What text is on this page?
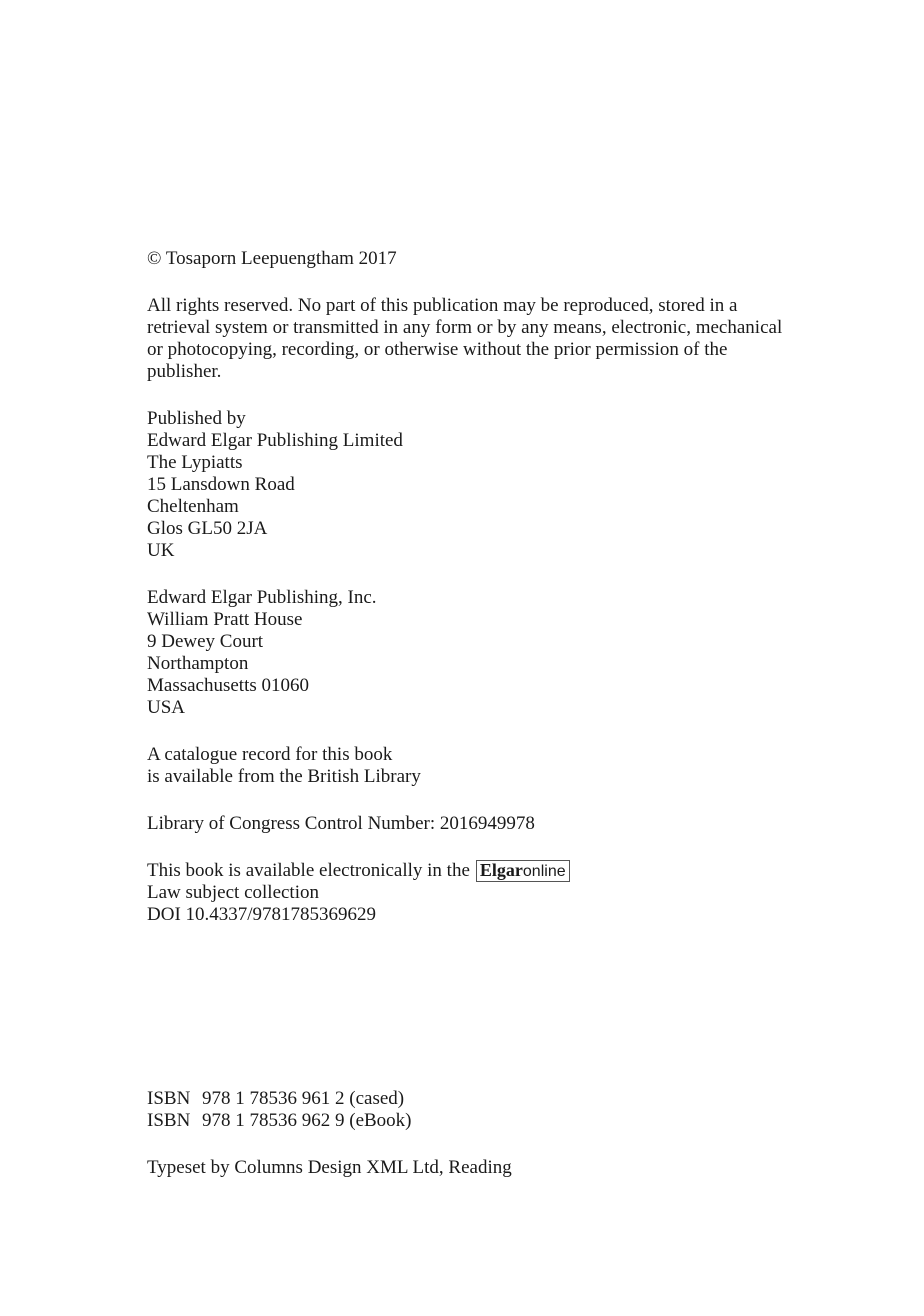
© Tosaporn Leepuengtham 2017
All rights reserved. No part of this publication may be reproduced, stored in a retrieval system or transmitted in any form or by any means, electronic, mechanical or photocopying, recording, or otherwise without the prior permission of the publisher.
Published by
Edward Elgar Publishing Limited
The Lypiatts
15 Lansdown Road
Cheltenham
Glos GL50 2JA
UK
Edward Elgar Publishing, Inc.
William Pratt House
9 Dewey Court
Northampton
Massachusetts 01060
USA
A catalogue record for this book
is available from the British Library
Library of Congress Control Number: 2016949978
This book is available electronically in the Elgaronline
Law subject collection
DOI 10.4337/9781785369629
ISBN 978 1 78536 961 2 (cased)
ISBN 978 1 78536 962 9 (eBook)
Typeset by Columns Design XML Ltd, Reading
